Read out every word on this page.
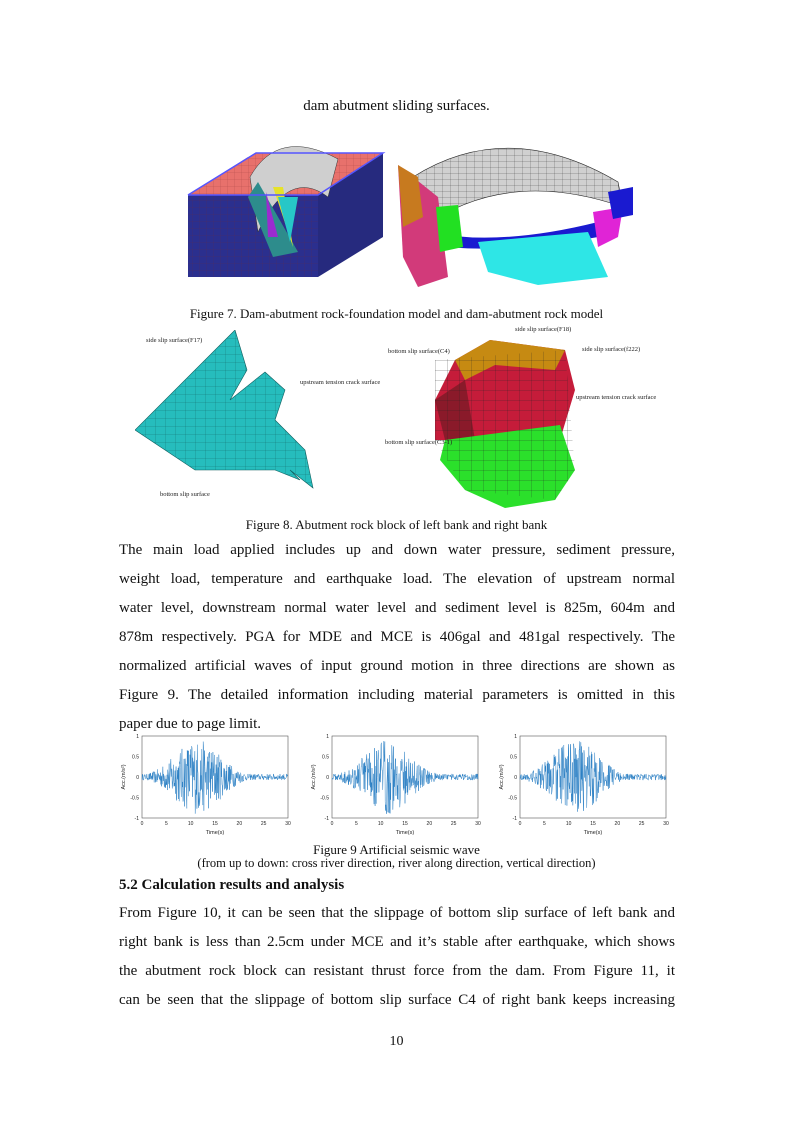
dam abutment sliding surfaces.
Figure 7. Dam-abutment rock-foundation model and dam-abutment rock model
side slip surface(F17)
upstream tension crack surface
bottom slip surface
side slip surface(F18)
bottom slip surface(C4)	side slip surface(f222)
upstream tension crack surface
bottom slip surface(C3-1)
Figure 8. Abutment rock block of left bank and right bank
The main load applied includes up and down water pressure, sediment pressure,
weight load, temperature and earthquake load. The elevation of upstream normal
water level, downstream normal water level and sediment level is 825m, 604m and
878m respectively. PGA for MDE and MCE is 406gal and 481gal respectively. The
normalized artificial waves of input ground motion in three directions are shown as
Figure 9. The detailed information including material parameters is omitted in this
paper due to page limit.
1
0.5
0
-0.5
-1
0	5	10	15	20	25	30
Time(s)
Acc.(m/s²)
1
0.5
0
-0.5
-1
0	5	10	15	20	25	30
Time(s)
Acc.(m/s²)
1
0.5
0
-0.5
-1
0	5	10	15	20	25	30
Time(s)
Acc.(m/s²)
Figure 9 Artificial seismic wave
(from up to down: cross river direction, river along direction, vertical direction)
5.2 Calculation results and analysis
From Figure 10, it can be seen that the slippage of bottom slip surface of left bank and
right bank is less than 2.5cm under MCE and it’s stable after earthquake, which shows
the abutment rock block can resistant thrust force from the dam. From Figure 11, it
can be seen that the slippage of bottom slip surface C4 of right bank keeps increasing
10
